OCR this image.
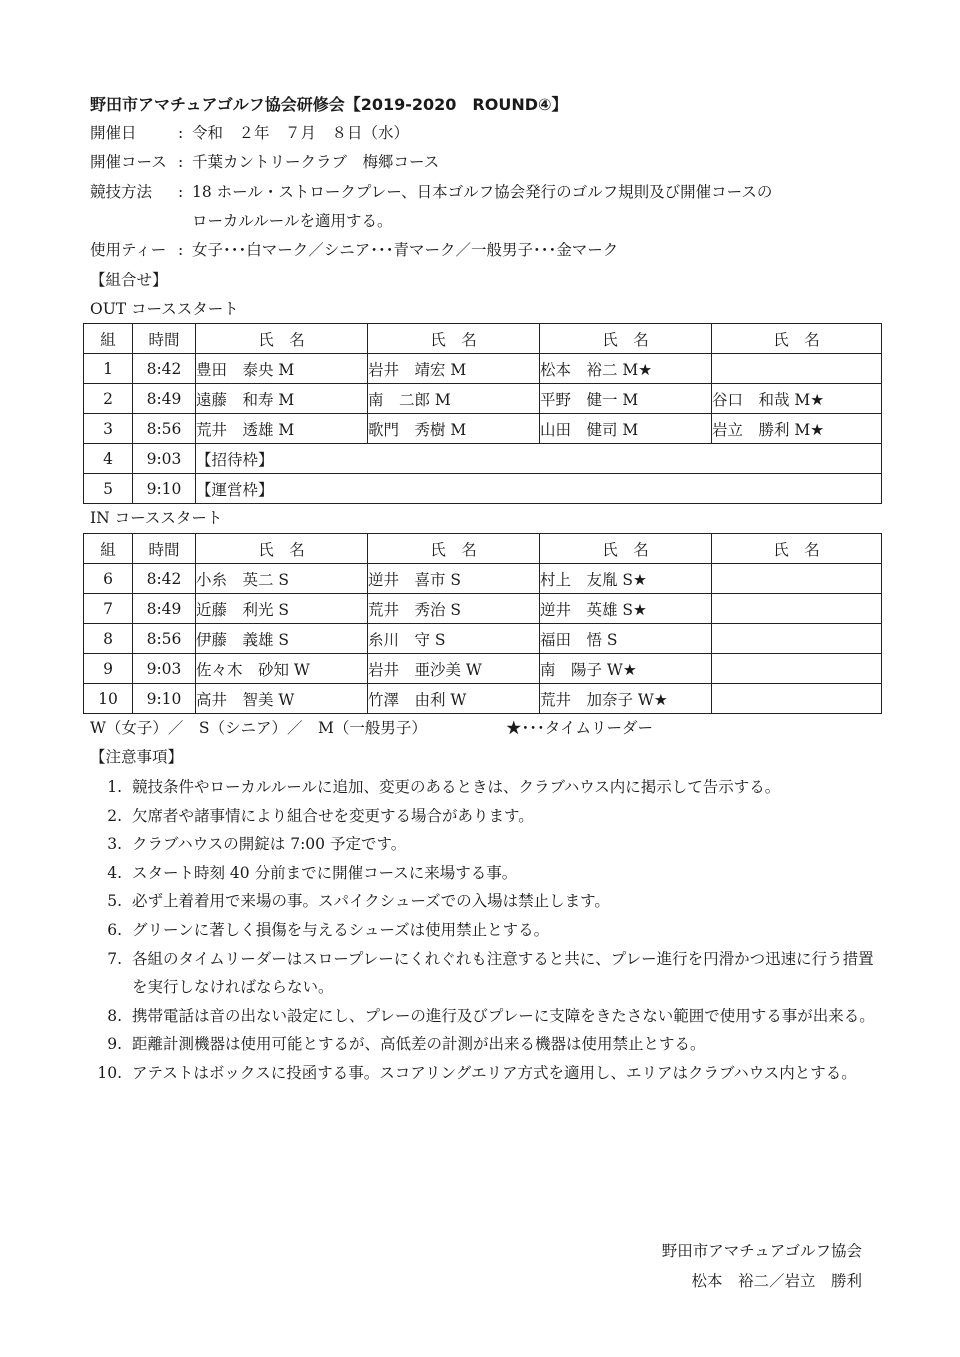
野田市アマチュアゴルフ協会研修会【2019-2020　ROUND④】
開催日	: 令和　２年　７月　８日（水）
開催コース : 千葉カントリークラブ　梅郷コース
競技方法 : 18 ホール・ストロークプレー、日本ゴルフ協会発行のゴルフ規則及び開催コースの
ローカルルールを適用する。
使用ティー : 女子･･･白マーク／シニア･･･青マーク／一般男子･･･金マーク
【組合せ】
OUT コーススタート
組	時間	氏　名	氏　名	氏　名	氏　名
1	8:42	豊田　泰央 M	岩井　靖宏 M	松本　裕二 M★	
2	8:49	遠藤　和寿 M	南　二郎 M	平野　健一 M	谷口　和哉 M★
3	8:56	荒井　透雄 M	歌門　秀樹 M	山田　健司 M	岩立　勝利 M★
4	9:03	【招待枠】			
5	9:10	【運営枠】			
IN コーススタート
組	時間	氏　名	氏　名	氏　名	氏　名
6	8:42	小糸　英二 S	逆井　喜市 S	村上　友胤 S★	
7	8:49	近藤　利光 S	荒井　秀治 S	逆井　英雄 S★	
8	8:56	伊藤　義雄 S	糸川　守 S	福田　悟 S	
9	9:03	佐々木　砂知 W	岩井　亜沙美 W	南　陽子 W★	
10	9:10	高井　智美 W	竹澤　由利 W	荒井　加奈子 W★	
W（女子）／　S（シニア）／　M（一般男子）	★･･･タイムリーダー
【注意事項】
1. 競技条件やローカルルールに追加、変更のあるときは、クラブハウス内に掲示して告示する。
2. 欠席者や諸事情により組合せを変更する場合があります。
3. クラブハウスの開錠は 7:00 予定です。
4. スタート時刻 40 分前までに開催コースに来場する事。
5. 必ず上着着用で来場の事。スパイクシューズでの入場は禁止します。
6. グリーンに著しく損傷を与えるシューズは使用禁止とする。
7. 各組のタイムリーダーはスロープレーにくれぐれも注意すると共に、プレー進行を円滑かつ迅速に行う措置を実行しなければならない。
8. 携帯電話は音の出ない設定にし、プレーの進行及びプレーに支障をきたさない範囲で使用する事が出来る。
9. 距離計測機器は使用可能とするが、高低差の計測が出来る機器は使用禁止とする。
10. アテストはボックスに投函する事。スコアリングエリア方式を適用し、エリアはクラブハウス内とする。
野田市アマチュアゴルフ協会
松本　裕二／岩立　勝利
